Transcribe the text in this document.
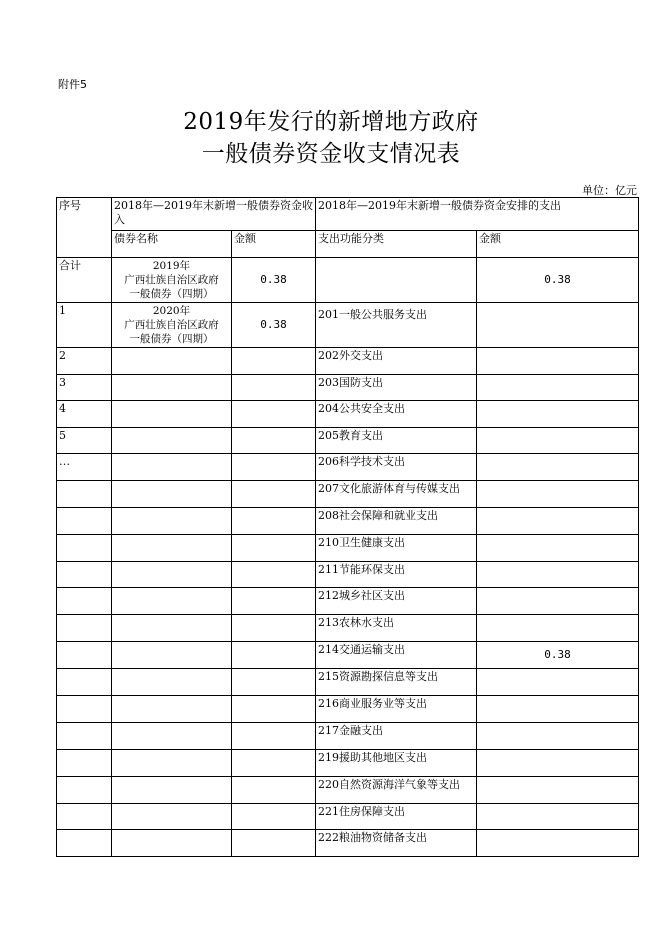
附件5
2019年发行的新增地方政府
一般债券资金收支情况表
单位：亿元
序号	2018年—2019年末新增一般债券资金收入		2018年—2019年末新增一般债券资金安排的支出	
	债券名称	金额	支出功能分类	金额
合计	2019年
广西壮族自治区政府
一般债券（四期）	0.38		0.38
1	2020年
广西壮族自治区政府
一般债券（四期）	0.38	201一般公共服务支出	
2			202外交支出	
3			203国防支出	
4			204公共安全支出	
5			205教育支出	
…			206科学技术支出	
			207文化旅游体育与传媒支出	
			208社会保障和就业支出	
			210卫生健康支出	
			211节能环保支出	
			212城乡社区支出	
			213农林水支出	
			214交通运输支出	0.38
			215资源勘探信息等支出	
			216商业服务业等支出	
			217金融支出	
			219援助其他地区支出	
			220自然资源海洋气象等支出	
			221住房保障支出	
			222粮油物资储备支出	
